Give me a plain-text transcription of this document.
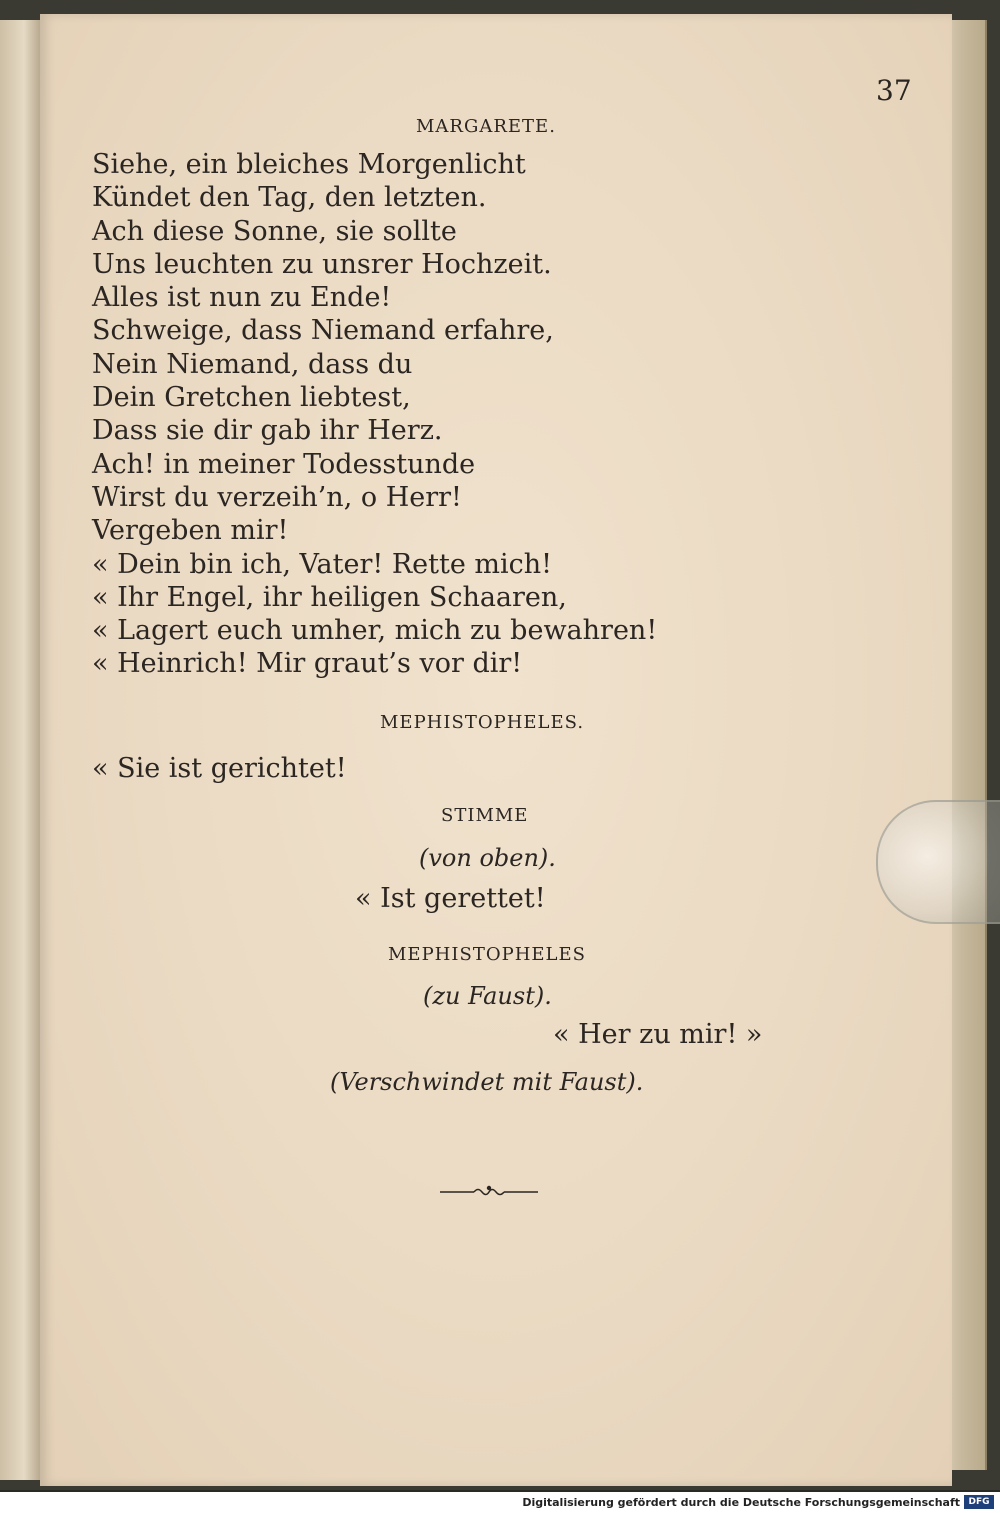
37
MARGARETE.
Siehe, ein bleiches Morgenlicht
Kündet den Tag, den letzten.
Ach diese Sonne, sie sollte
Uns leuchten zu unsrer Hochzeit.
Alles ist nun zu Ende!
Schweige, dass Niemand erfahre,
Nein Niemand, dass du
Dein Gretchen liebtest,
Dass sie dir gab ihr Herz.
Ach! in meiner Todesstunde
Wirst du verzeih’n, o Herr!
Vergeben mir!
« Dein bin ich, Vater! Rette mich!
« Ihr Engel, ihr heiligen Schaaren,
« Lagert euch umher, mich zu bewahren!
« Heinrich! Mir graut’s vor dir!
MEPHISTOPHELES.
« Sie ist gerichtet!
STIMME
(von oben).
« Ist gerettet!
MEPHISTOPHELES
(zu Faust).
« Her zu mir! »
(Verschwindet mit Faust).
Digitalisierung gefördert durch die Deutsche Forschungsgemeinschaft DFG
